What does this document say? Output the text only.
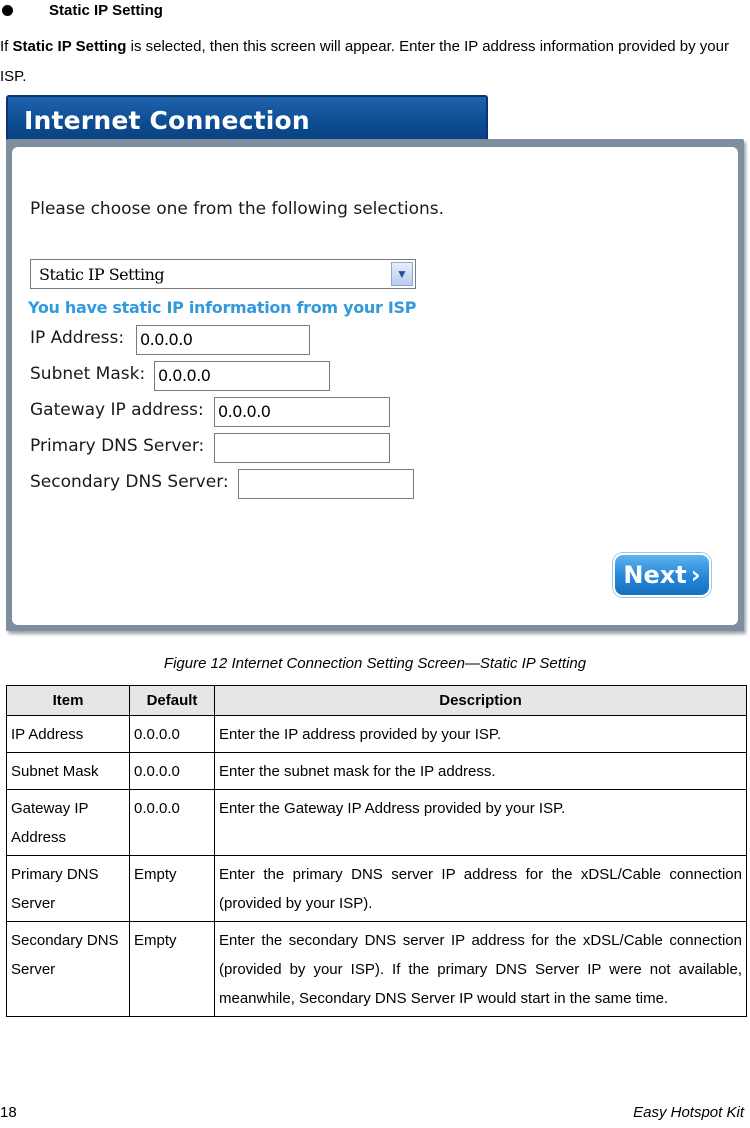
Static IP Setting

If Static IP Setting is selected, then this screen will appear. Enter the IP address information provided by your ISP.

Internet Connection
Please choose one from the following selections.
Static IP Setting	▼
You have static IP information from your ISP
IP Address: 0.0.0.0
Subnet Mask: 0.0.0.0
Gateway IP address: 0.0.0.0
Primary DNS Server:
Secondary DNS Server:
Next ›
Figure 12 Internet Connection Setting Screen—Static IP Setting
Item	Default	Description
IP Address	0.0.0.0	Enter the IP address provided by your ISP.
Subnet Mask	0.0.0.0	Enter the subnet mask for the IP address.
Gateway IP Address	0.0.0.0	Enter the Gateway IP Address provided by your ISP.
Primary DNS Server	Empty	Enter the primary DNS server IP address for the xDSL/Cable connection (provided by your ISP).
Secondary DNS Server	Empty	Enter the secondary DNS server IP address for the xDSL/Cable connection (provided by your ISP). If the primary DNS Server IP were not available, meanwhile, Secondary DNS Server IP would start in the same time.
18	Easy Hotspot Kit
